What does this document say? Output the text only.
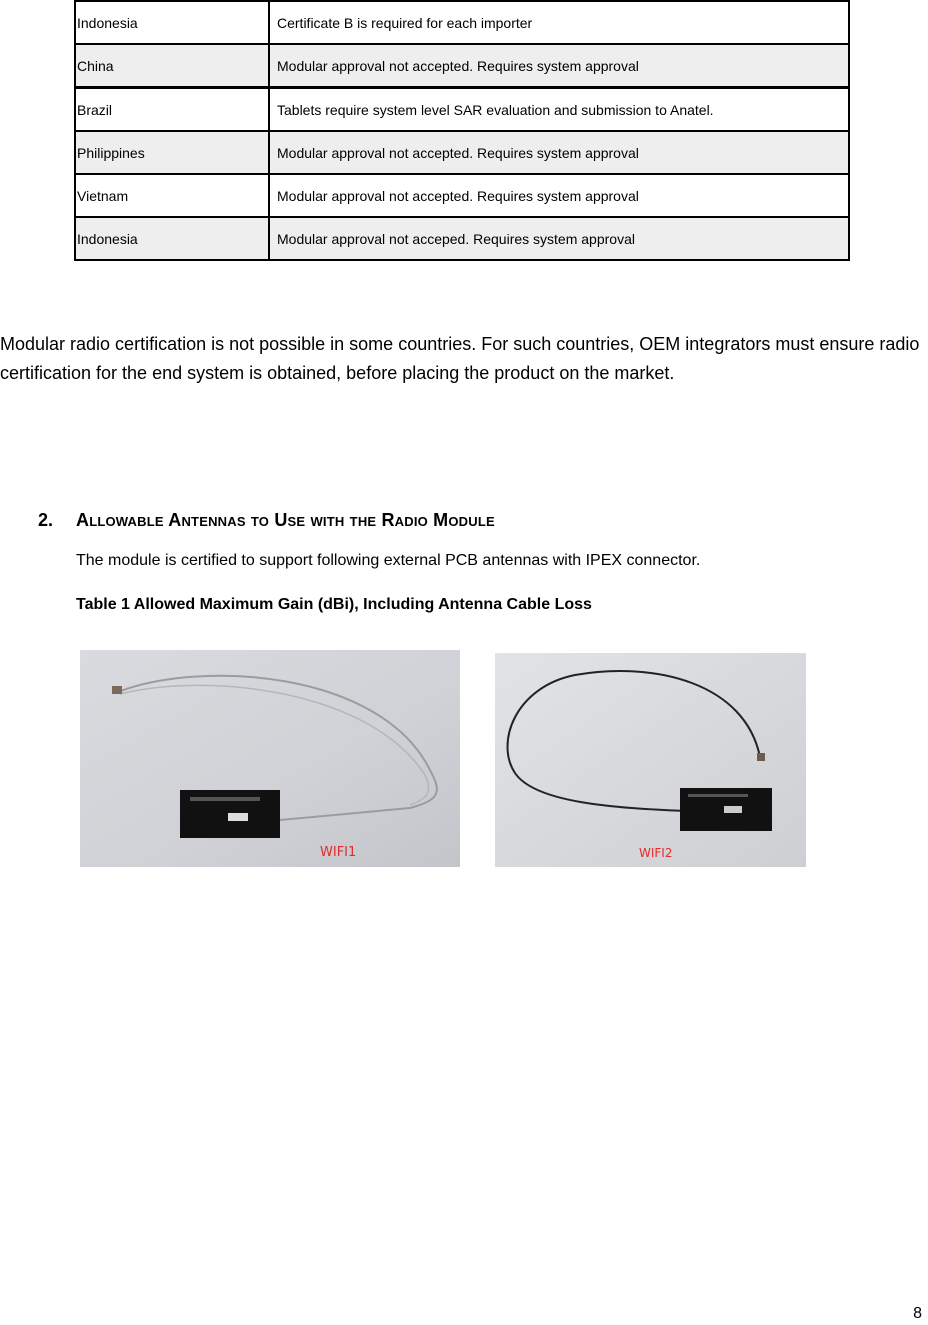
Indonesia	Certificate B is required for each importer
China	Modular approval not accepted. Requires system approval
Brazil	Tablets require system level SAR evaluation and submission to Anatel.
Philippines	Modular approval not accepted. Requires system approval
Vietnam	Modular approval not accepted. Requires system approval
Indonesia	Modular approval not acceped. Requires system approval

Modular radio certification is not possible in some countries. For such countries, OEM integrators must ensure radio certification for the end system is obtained, before placing the product on the market.

2. Allowable Antennas to Use with the Radio Module

The module is certified to support following external PCB antennas with IPEX connector.

Table 1 Allowed Maximum Gain (dBi), Including Antenna Cable Loss

WIFI1	WIFI2
8
